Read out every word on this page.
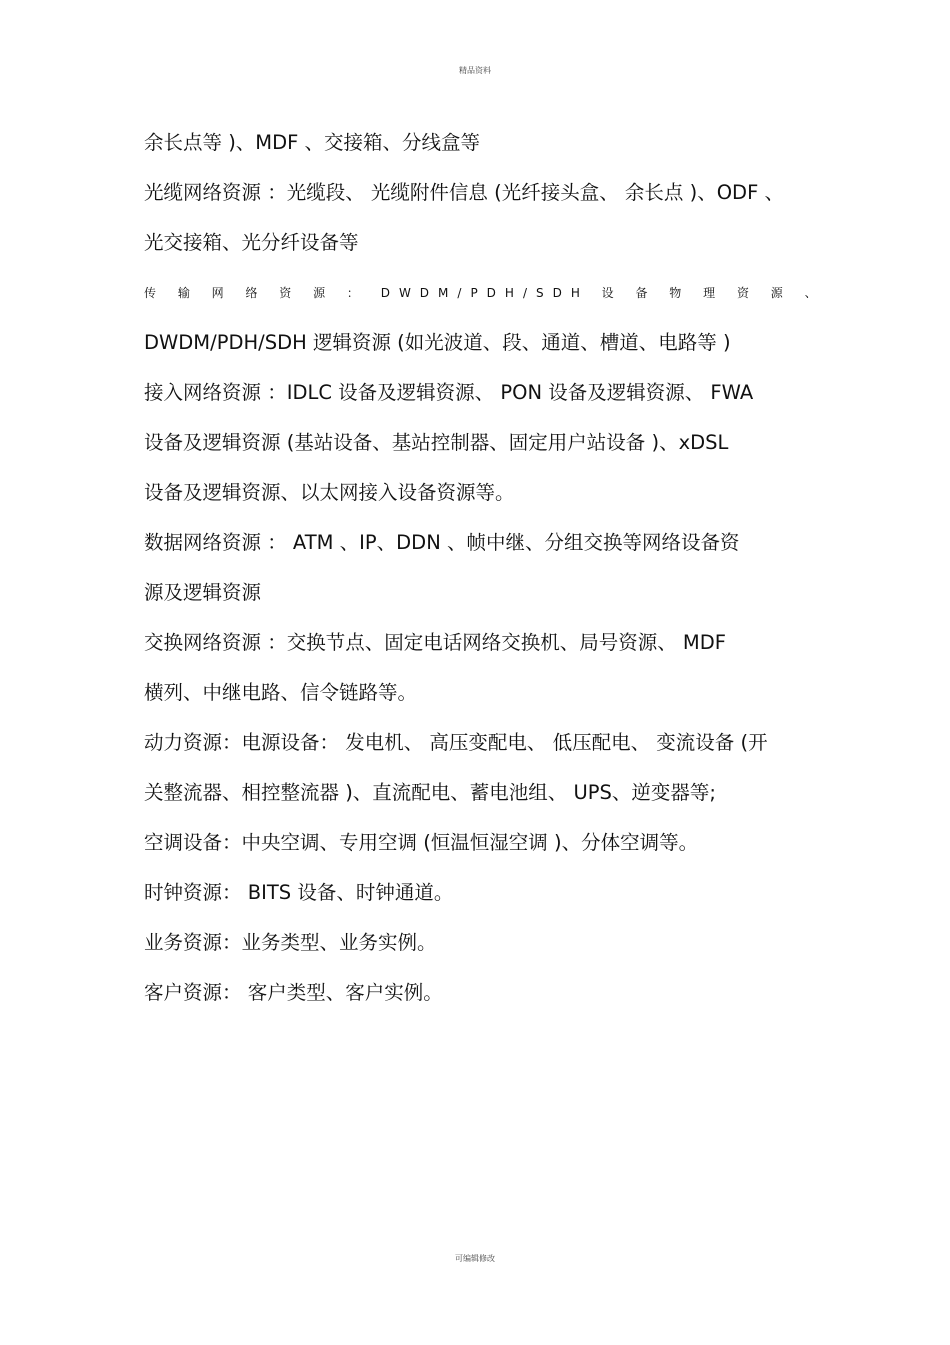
精品资料
余长点等 )、MDF 、交接箱、分线盒等
光缆网络资源 ：光缆段、 光缆附件信息 (光纤接头盒、 余长点 )、ODF 、
光交接箱、光分纤设备等
传 输 网 络 资 源 ： DWDM/PDH/SDH 设 备 物 理 资 源 、
DWDM/PDH/SDH 逻辑资源 (如光波道、段、通道、槽道、电路等 )
接入网络资源 ：IDLC 设备及逻辑资源、 PON 设备及逻辑资源、 FWA
设备及逻辑资源 (基站设备、基站控制器、固定用户站设备 )、xDSL
设备及逻辑资源、以太网接入设备资源等。
数据网络资源 ： ATM 、IP、DDN 、帧中继、分组交换等网络设备资
源及逻辑资源
交换网络资源 ：交换节点、固定电话网络交换机、局号资源、 MDF
横列、中继电路、信令链路等。
动力资源：电源设备： 发电机、 高压变配电、 低压配电、 变流设备 (开
关整流器、相控整流器 )、直流配电、蓄电池组、 UPS、逆变器等;
空调设备：中央空调、专用空调 (恒温恒湿空调 )、分体空调等。
时钟资源： BITS 设备、时钟通道。
业务资源：业务类型、业务实例。
客户资源： 客户类型、客户实例。
可编辑修改
